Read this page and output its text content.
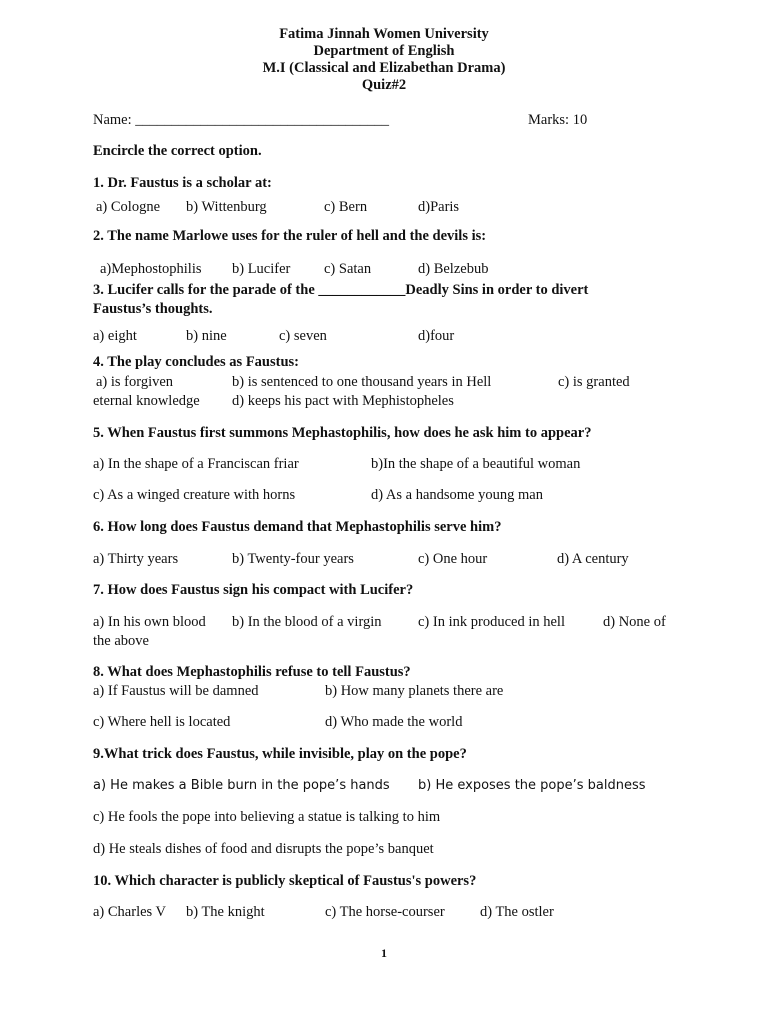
Fatima Jinnah Women University
Department of English
M.I (Classical and Elizabethan Drama)
Quiz#2
Name: ___________________________________	Marks: 10
Encircle the correct option.
1. Dr. Faustus is a scholar at:
a) Cologne b) Wittenburg	c) Bern	d)Paris
2. The name Marlowe uses for the ruler of hell and the devils is:
a)Mephostophilis b) Lucifer c) Satan	d) Belzebub
3. Lucifer calls for the parade of the ____________Deadly Sins in order to divert
Faustus’s thoughts.
a) eight	b) nine	c) seven	d)four
4. The play concludes as Faustus:
a) is forgiven	b) is sentenced to one thousand years in Hell	c) is granted
eternal knowledge d) keeps his pact with Mephistopheles
5. When Faustus first summons Mephastophilis, how does he ask him to appear?
a) In the shape of a Franciscan friar	b)In the shape of a beautiful woman
c) As a winged creature with horns	d) As a handsome young man
6. How long does Faustus demand that Mephastophilis serve him?
a) Thirty years	b) Twenty-four years	c) One hour	d) A century
7. How does Faustus sign his compact with Lucifer?
a) In his own blood b) In the blood of a virgin	c) In ink produced in hell	d) None of
the above
8. What does Mephastophilis refuse to tell Faustus?
a) If Faustus will be damned	b) How many planets there are
c) Where hell is located	d) Who made the world
9.What trick does Faustus, while invisible, play on the pope?
a) He makes a Bible burn in the pope’s hands b) He exposes the pope’s baldness
c) He fools the pope into believing a statue is talking to him
d) He steals dishes of food and disrupts the pope’s banquet
10. Which character is publicly skeptical of Faustus's powers?
a) Charles V b) The knight	c) The horse-courser d) The ostler
1
